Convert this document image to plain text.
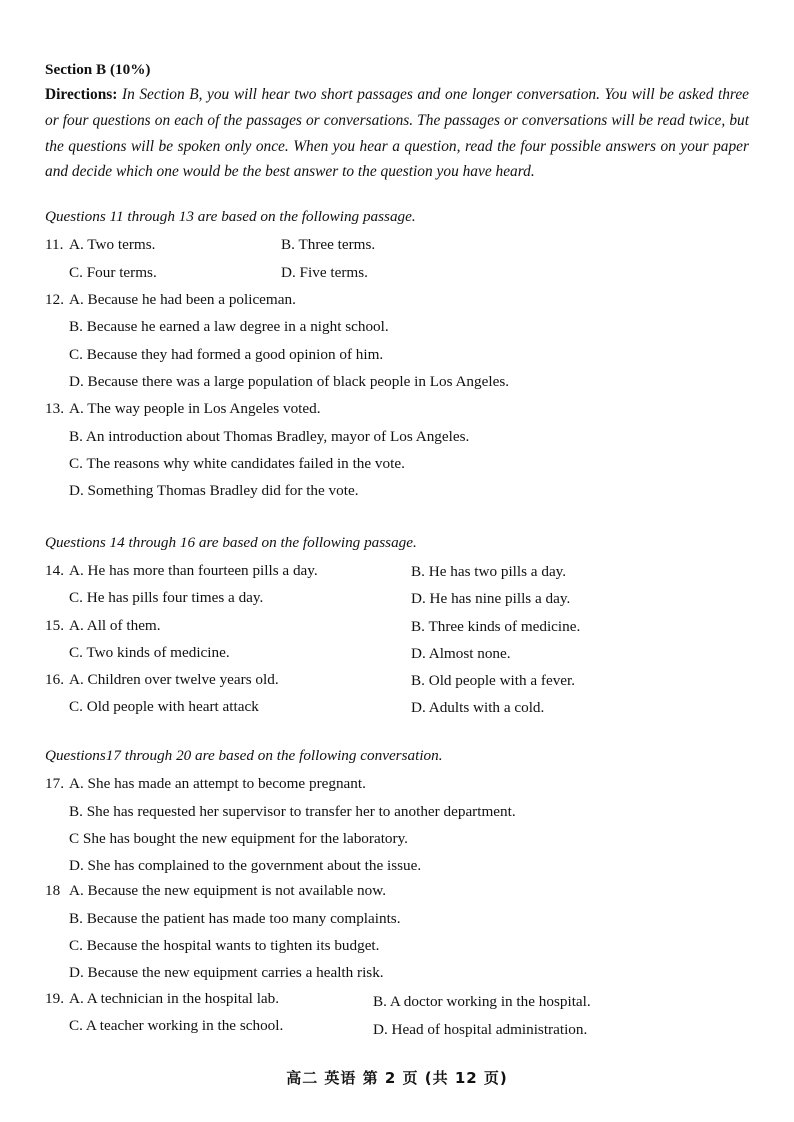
Section B (10%)
Directions: In Section B, you will hear two short passages and one longer conversation. You will be asked three or four questions on each of the passages or conversations. The passages or conversations will be read twice, but the questions will be spoken only once. When you hear a question, read the four possible answers on your paper and decide which one would be the best answer to the question you have heard.
Questions 11 through 13 are based on the following passage.
11. A. Two terms.	B. Three terms.
C. Four terms.	D. Five terms.
12. A. Because he had been a policeman.
B. Because he earned a law degree in a night school.
C. Because they had formed a good opinion of him.
D. Because there was a large population of black people in Los Angeles.
13. A. The way people in Los Angeles voted.
B. An introduction about Thomas Bradley, mayor of Los Angeles.
C. The reasons why white candidates failed in the vote.
D. Something Thomas Bradley did for the vote.
Questions 14 through 16 are based on the following passage.
14. A. He has more than fourteen pills a day.	B. He has two pills a day.
C. He has pills four times a day.	D. He has nine pills a day.
15. A. All of them.	B. Three kinds of medicine.
C. Two kinds of medicine.	D. Almost none.
16. A. Children over twelve years old.	B. Old people with a fever.
C. Old people with heart attack	D. Adults with a cold.
Questions17 through 20 are based on the following conversation.
17. A. She has made an attempt to become pregnant.
B. She has requested her supervisor to transfer her to another department.
C She has bought the new equipment for the laboratory.
D. She has complained to the government about the issue.
18 A. Because the new equipment is not available now.
B. Because the patient has made too many complaints.
C. Because the hospital wants to tighten its budget.
D. Because the new equipment carries a health risk.
19. A. A technician in the hospital lab.	B. A doctor working in the hospital.
C. A teacher working in the school.	D. Head of hospital administration.
高二 英语 第 2 页 (共 12 页)
